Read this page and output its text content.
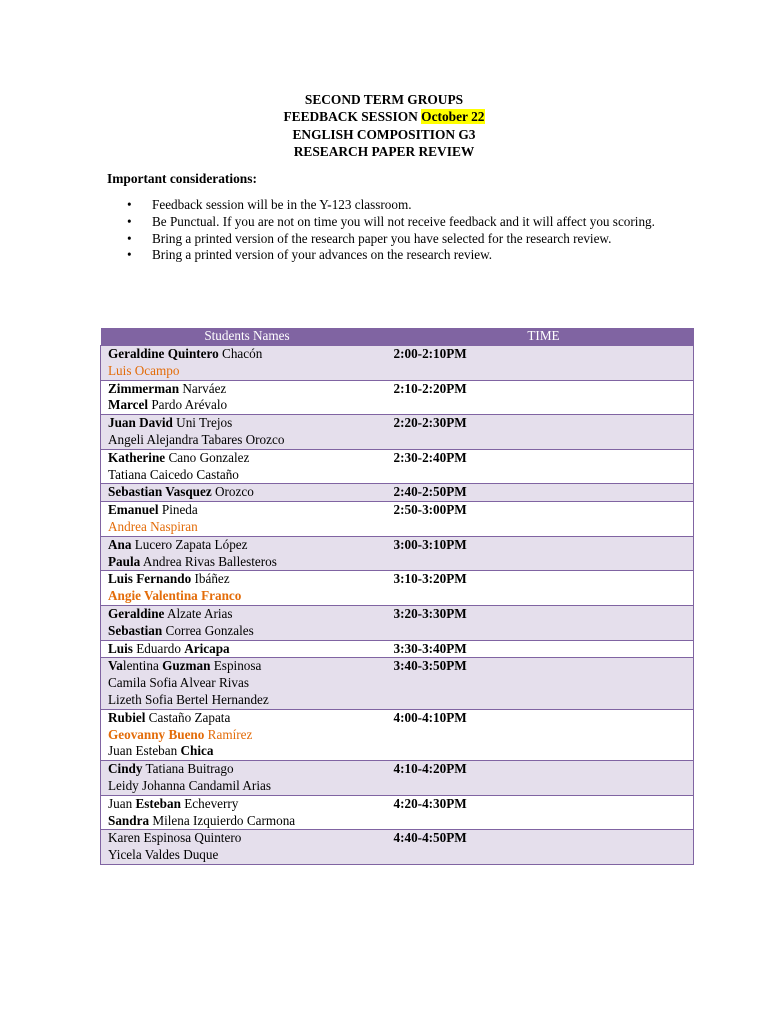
SECOND TERM GROUPS
FEEDBACK SESSION October 22
ENGLISH COMPOSITION G3
RESEARCH PAPER REVIEW
Important considerations:
• Feedback session will be in the Y-123 classroom.
• Be Punctual. If you are not on time you will not receive feedback and it will affect you scoring.
• Bring a printed version of the research paper you have selected for the research review.
• Bring a printed version of your advances on the research review.
Students Names	TIME

Geraldine Quintero Chacón
Luis Ocampo	2:00-2:10PM

Zimmerman Narváez
Marcel Pardo Arévalo	2:10-2:20PM

Juan David Uni Trejos
Angeli Alejandra Tabares Orozco	2:20-2:30PM

Katherine Cano Gonzalez
Tatiana Caicedo Castaño	2:30-2:40PM

Sebastian Vasquez Orozco	2:40-2:50PM

Emanuel Pineda
Andrea Naspiran	2:50-3:00PM

Ana Lucero Zapata López
Paula Andrea Rivas Ballesteros	3:00-3:10PM

Luis Fernando Ibáñez
Angie Valentina Franco	3:10-3:20PM

Geraldine Alzate Arias
Sebastian Correa Gonzales	3:20-3:30PM

Luis Eduardo Aricapa	3:30-3:40PM

Valentina Guzman Espinosa
Camila Sofia Alvear Rivas
Lizeth Sofia Bertel Hernandez	3:40-3:50PM

Rubiel Castaño Zapata
Geovanny Bueno Ramírez
Juan Esteban Chica	4:00-4:10PM

Cindy Tatiana Buitrago
Leidy Johanna Candamil Arias	4:10-4:20PM

Juan Esteban Echeverry
Sandra Milena Izquierdo Carmona	4:20-4:30PM

Karen Espinosa Quintero
Yicela Valdes Duque	4:40-4:50PM
